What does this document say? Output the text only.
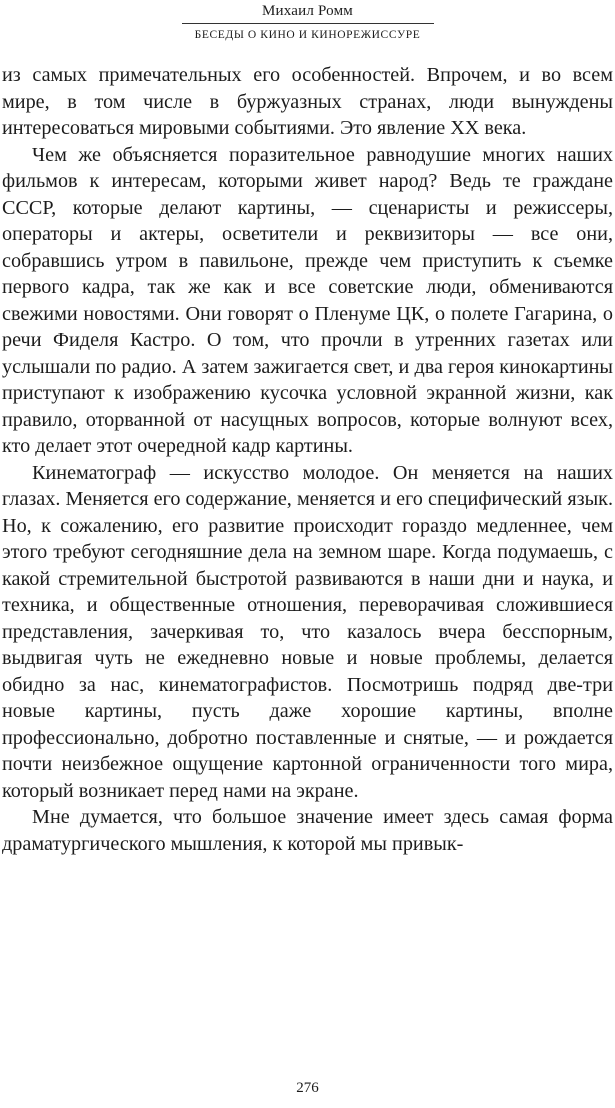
Михаил Ромм
БЕСЕДЫ О КИНО И КИНОРЕЖИССУРЕ

из самых примечательных его особенностей. Впрочем, и во всем мире, в том числе в буржуазных странах, люди вынуждены интересоваться мировыми событиями. Это явление XX века.

Чем же объясняется поразительное равнодушие многих наших фильмов к интересам, которыми живет народ? Ведь те граждане СССР, которые делают картины, — сценаристы и режиссеры, операторы и актеры, осветители и реквизиторы — все они, собравшись утром в павильоне, прежде чем приступить к съемке первого кадра, так же как и все советские люди, обмениваются свежими новостями. Они говорят о Пленуме ЦК, о полете Гагарина, о речи Фиделя Кастро. О том, что прочли в утренних газетах или услышали по радио. А затем зажигается свет, и два героя кинокартины приступают к изображению кусочка условной экранной жизни, как правило, оторванной от насущных вопросов, которые волнуют всех, кто делает этот очередной кадр картины.

Кинематограф — искусство молодое. Он меняется на наших глазах. Меняется его содержание, меняется и его специфический язык. Но, к сожалению, его развитие происходит гораздо медленнее, чем этого требуют сегодняшние дела на земном шаре. Когда подумаешь, с какой стремительной быстротой развиваются в наши дни и наука, и техника, и общественные отношения, переворачивая сложившиеся представления, зачеркивая то, что казалось вчера бесспорным, выдвигая чуть не ежедневно новые и новые проблемы, делается обидно за нас, кинематографистов. Посмотришь подряд две-три новые картины, пусть даже хорошие картины, вполне профессионально, добротно поставленные и снятые, — и рождается почти неизбежное ощущение картонной ограниченности того мира, который возникает перед нами на экране.

Мне думается, что большое значение имеет здесь самая форма драматургического мышления, к которой мы привык-

276
